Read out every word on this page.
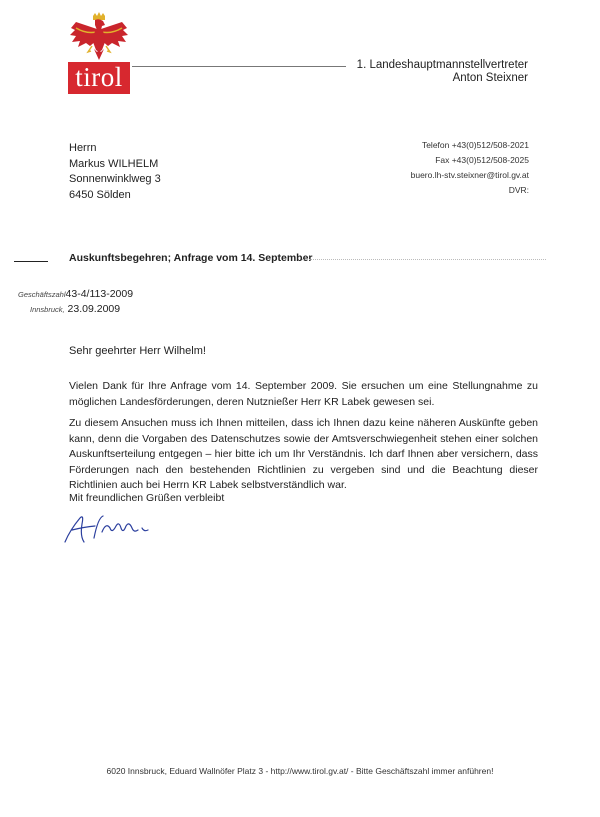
tirol	1. Landeshauptmannstellvertreter
Anton Steixner
Herrn
Markus WILHELM
Sonnenwinklweg 3
6450 Sölden
Telefon +43(0)512/508-2021
Fax +43(0)512/508-2025
buero.lh-stv.steixner@tirol.gv.at
DVR:
Auskunftsbegehren; Anfrage vom 14. September
Geschäftszahl43-4/113-2009
Innsbruck, 23.09.2009
Sehr geehrter Herr Wilhelm!
Vielen Dank für Ihre Anfrage vom 14. September 2009. Sie ersuchen um eine Stellungnahme zu möglichen Landesförderungen, deren Nutznießer Herr KR Labek gewesen sei.
Zu diesem Ansuchen muss ich Ihnen mitteilen, dass ich Ihnen dazu keine näheren Auskünfte geben kann, denn die Vorgaben des Datenschutzes sowie der Amtsverschwiegenheit stehen einer solchen Auskunftserteilung entgegen – hier bitte ich um Ihr Verständnis. Ich darf Ihnen aber versichern, dass Förderungen nach den bestehenden Richtlinien zu vergeben sind und die Beachtung dieser Richtlinien auch bei Herrn KR Labek selbstverständlich war.
Mit freundlichen Grüßen verbleibt
6020 Innsbruck, Eduard Wallnöfer Platz 3 - http://www.tirol.gv.at/ - Bitte Geschäftszahl immer anführen!
